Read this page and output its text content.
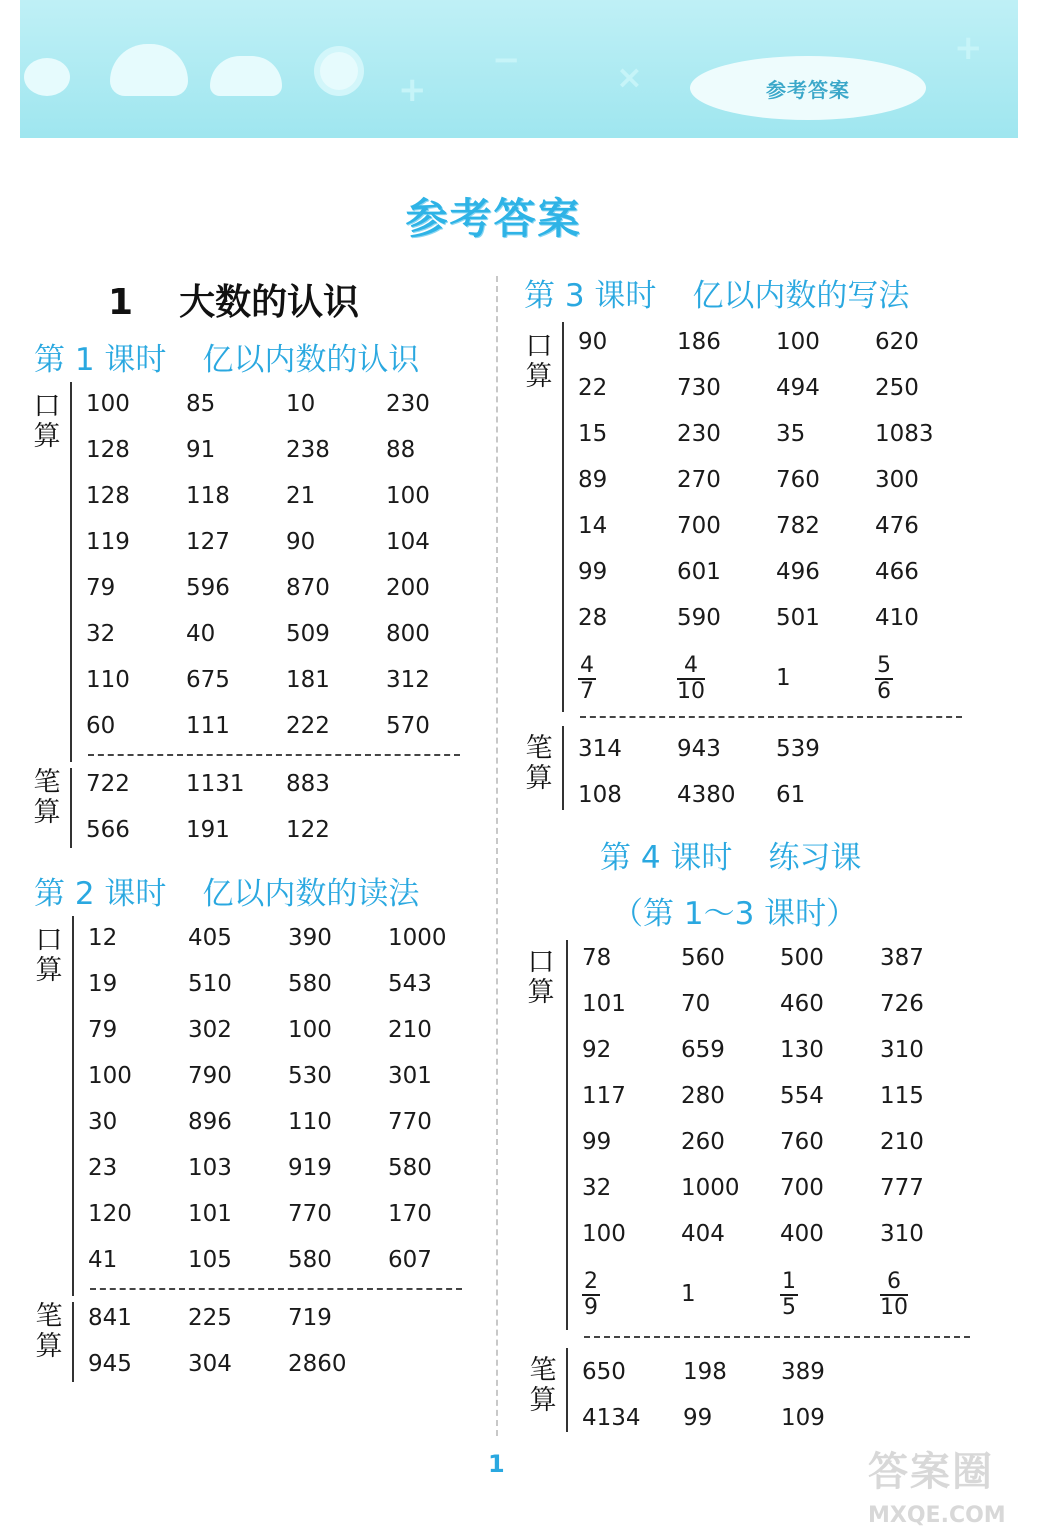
+
−	×
+
参考答案
参考答案
1 大数的认识
第 1 课时 亿以内数的认识
口算
100	85	10	230
128	91	238	88
128	118	21	100
119	127	90	104
79	596	870	200
32	40	509	800
110	675	181	312
60	111	222	570
笔算
722	1131	883
566	191	122
第 2 课时 亿以内数的读法
口算
12	405	390	1000
19	510	580	543
79	302	100	210
100	790	530	301
30	896	110	770
23	103	919	580
120	101	770	170
41	105	580	607
笔算
841	225	719
945	304	2860
第 3 课时 亿以内数的写法
口算
90	186	100	620
22	730	494	250
15	230	35	1083
89	270	760	300
14	700	782	476
99	601	496	466
28	590	501	410
$\frac{4}{7}$	$\frac{4}{10}$	1	$\frac{5}{6}$
笔算
314	943	539
108	4380	61
第 4 课时 练习课
（第 1～3 课时）
口算
78	560	500	387
101	70	460	726
92	659	130	310
117	280	554	115
99	260	760	210
32	1000	700	777
100	404	400	310
$\frac{2}{9}$	1	$\frac{1}{5}$	$\frac{6}{10}$
笔算
650	198	389
4134	99	109
1	答案圈
MXQE.COM
